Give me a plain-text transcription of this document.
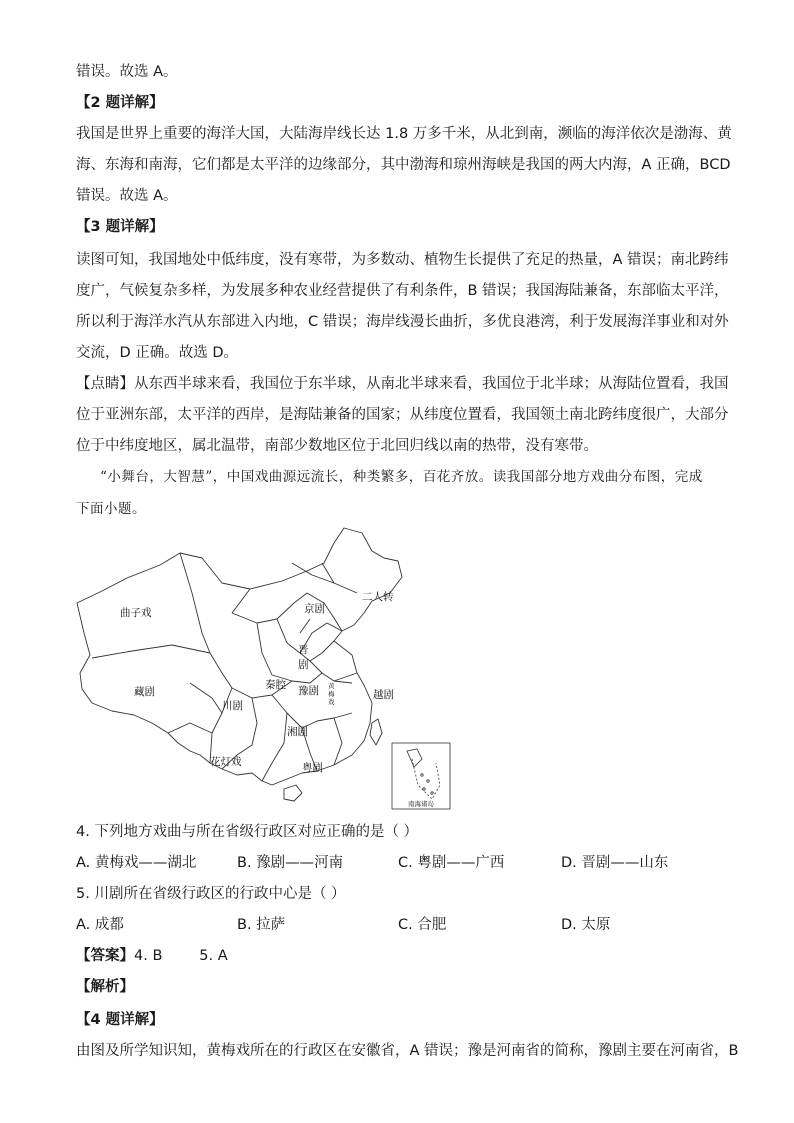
错误。故选 A。
【2 题详解】
我国是世界上重要的海洋大国，大陆海岸线长达 1.8 万多千米，从北到南，濒临的海洋依次是渤海、黄
海、东海和南海，它们都是太平洋的边缘部分，其中渤海和琼州海峡是我国的两大内海，A 正确，BCD
错误。故选 A。
【3 题详解】
读图可知，我国地处中低纬度，没有寒带，为多数动、植物生长提供了充足的热量，A 错误；南北跨纬
度广，气候复杂多样，为发展多种农业经营提供了有利条件，B 错误；我国海陆兼备，东部临太平洋，
所以利于海洋水汽从东部进入内地，C 错误；海岸线漫长曲折，多优良港湾，利于发展海洋事业和对外
交流，D 正确。故选 D。
【点睛】从东西半球来看，我国位于东半球，从南北半球来看，我国位于北半球；从海陆位置看，我国
位于亚洲东部，太平洋的西岸，是海陆兼备的国家；从纬度位置看，我国领土南北跨纬度很广，大部分
位于中纬度地区，属北温带，南部少数地区位于北回归线以南的热带，没有寒带。
“小舞台，大智慧”，中国戏曲源远流长，种类繁多，百花齐放。读我国部分地方戏曲分布图，完成
下面小题。
曲子戏	京剧
二人转
晋
剧
秦腔 豫剧 黄
梅
戏
越剧
藏剧
川剧
湘剧
花灯戏	粤剧
南海诸岛
4. 下列地方戏曲与所在省级行政区对应正确的是（ ）
A. 黄梅戏——湖北	B. 豫剧——河南	C. 粤剧——广西	D. 晋剧——山东
5. 川剧所在省级行政区的行政中心是（ ）
A. 成都	B. 拉萨	C. 合肥	D. 太原
【答案】4. B        5. A
【解析】
【4 题详解】
由图及所学知识知，黄梅戏所在的行政区在安徽省，A 错误；豫是河南省的简称，豫剧主要在河南省，B
